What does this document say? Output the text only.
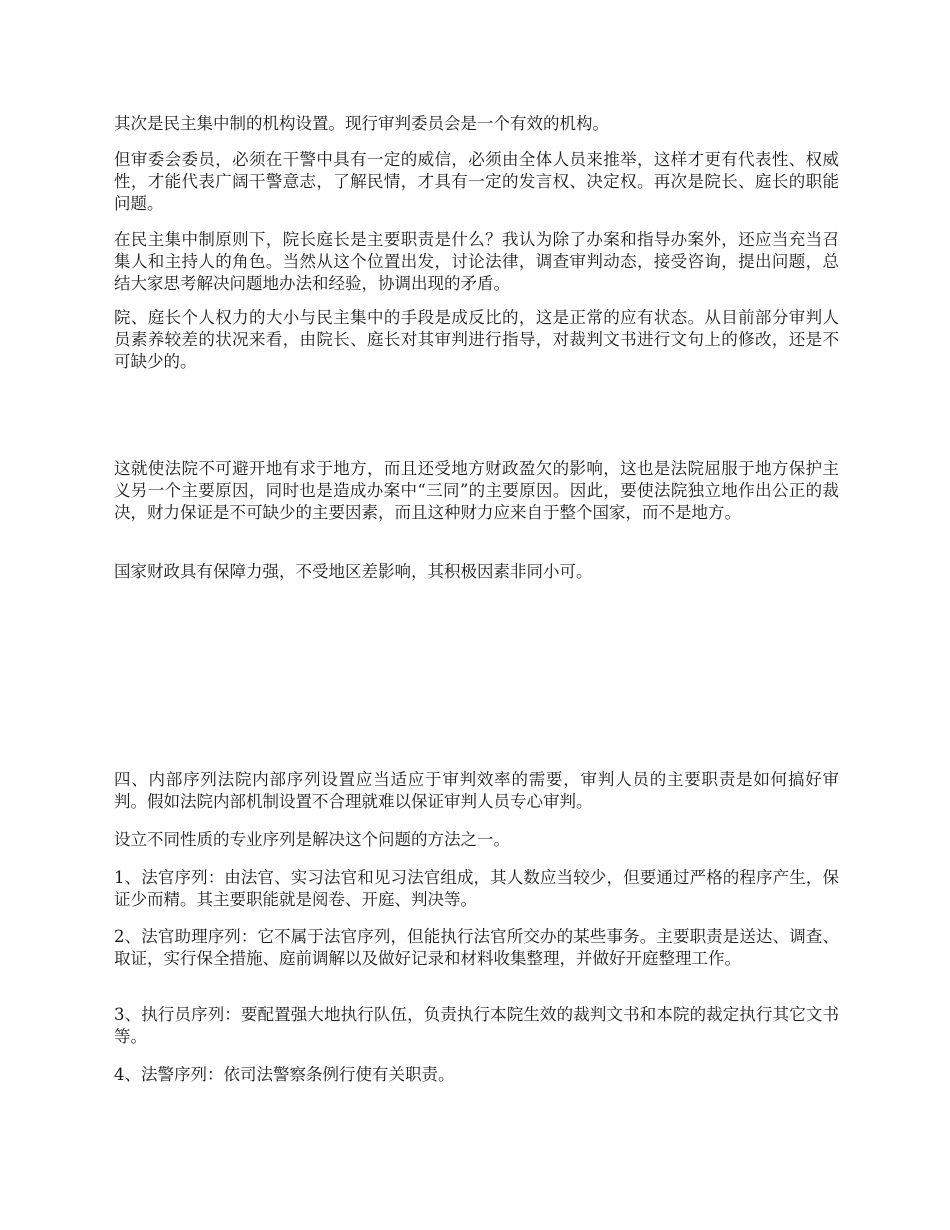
其次是民主集中制的机构设置。现行审判委员会是一个有效的机构。

但审委会委员，必须在干警中具有一定的威信，必须由全体人员来推举，这样才更有代表性、权威性，才能代表广阔干警意志，了解民情，才具有一定的发言权、决定权。再次是院长、庭长的职能问题。

在民主集中制原则下，院长庭长是主要职责是什么？我认为除了办案和指导办案外，还应当充当召集人和主持人的角色。当然从这个位置出发，讨论法律，调查审判动态，接受咨询，提出问题，总结大家思考解决问题地办法和经验，协调出现的矛盾。

院、庭长个人权力的大小与民主集中的手段是成反比的，这是正常的应有状态。从目前部分审判人员素养较差的状况来看，由院长、庭长对其审判进行指导，对裁判文书进行文句上的修改，还是不可缺少的。

这就使法院不可避开地有求于地方，而且还受地方财政盈欠的影响，这也是法院屈服于地方保护主义另一个主要原因，同时也是造成办案中“三同”的主要原因。因此，要使法院独立地作出公正的裁决，财力保证是不可缺少的主要因素，而且这种财力应来自于整个国家，而不是地方。

国家财政具有保障力强，不受地区差影响，其积极因素非同小可。

四、内部序列法院内部序列设置应当适应于审判效率的需要，审判人员的主要职责是如何搞好审判。假如法院内部机制设置不合理就难以保证审判人员专心审判。

设立不同性质的专业序列是解决这个问题的方法之一。

1、法官序列：由法官、实习法官和见习法官组成，其人数应当较少，但要通过严格的程序产生，保证少而精。其主要职能就是阅卷、开庭、判决等。

2、法官助理序列：它不属于法官序列，但能执行法官所交办的某些事务。主要职责是送达、调查、取证，实行保全措施、庭前调解以及做好记录和材料收集整理，并做好开庭整理工作。

3、执行员序列：要配置强大地执行队伍，负责执行本院生效的裁判文书和本院的裁定执行其它文书等。

4、法警序列：依司法警察条例行使有关职责。
